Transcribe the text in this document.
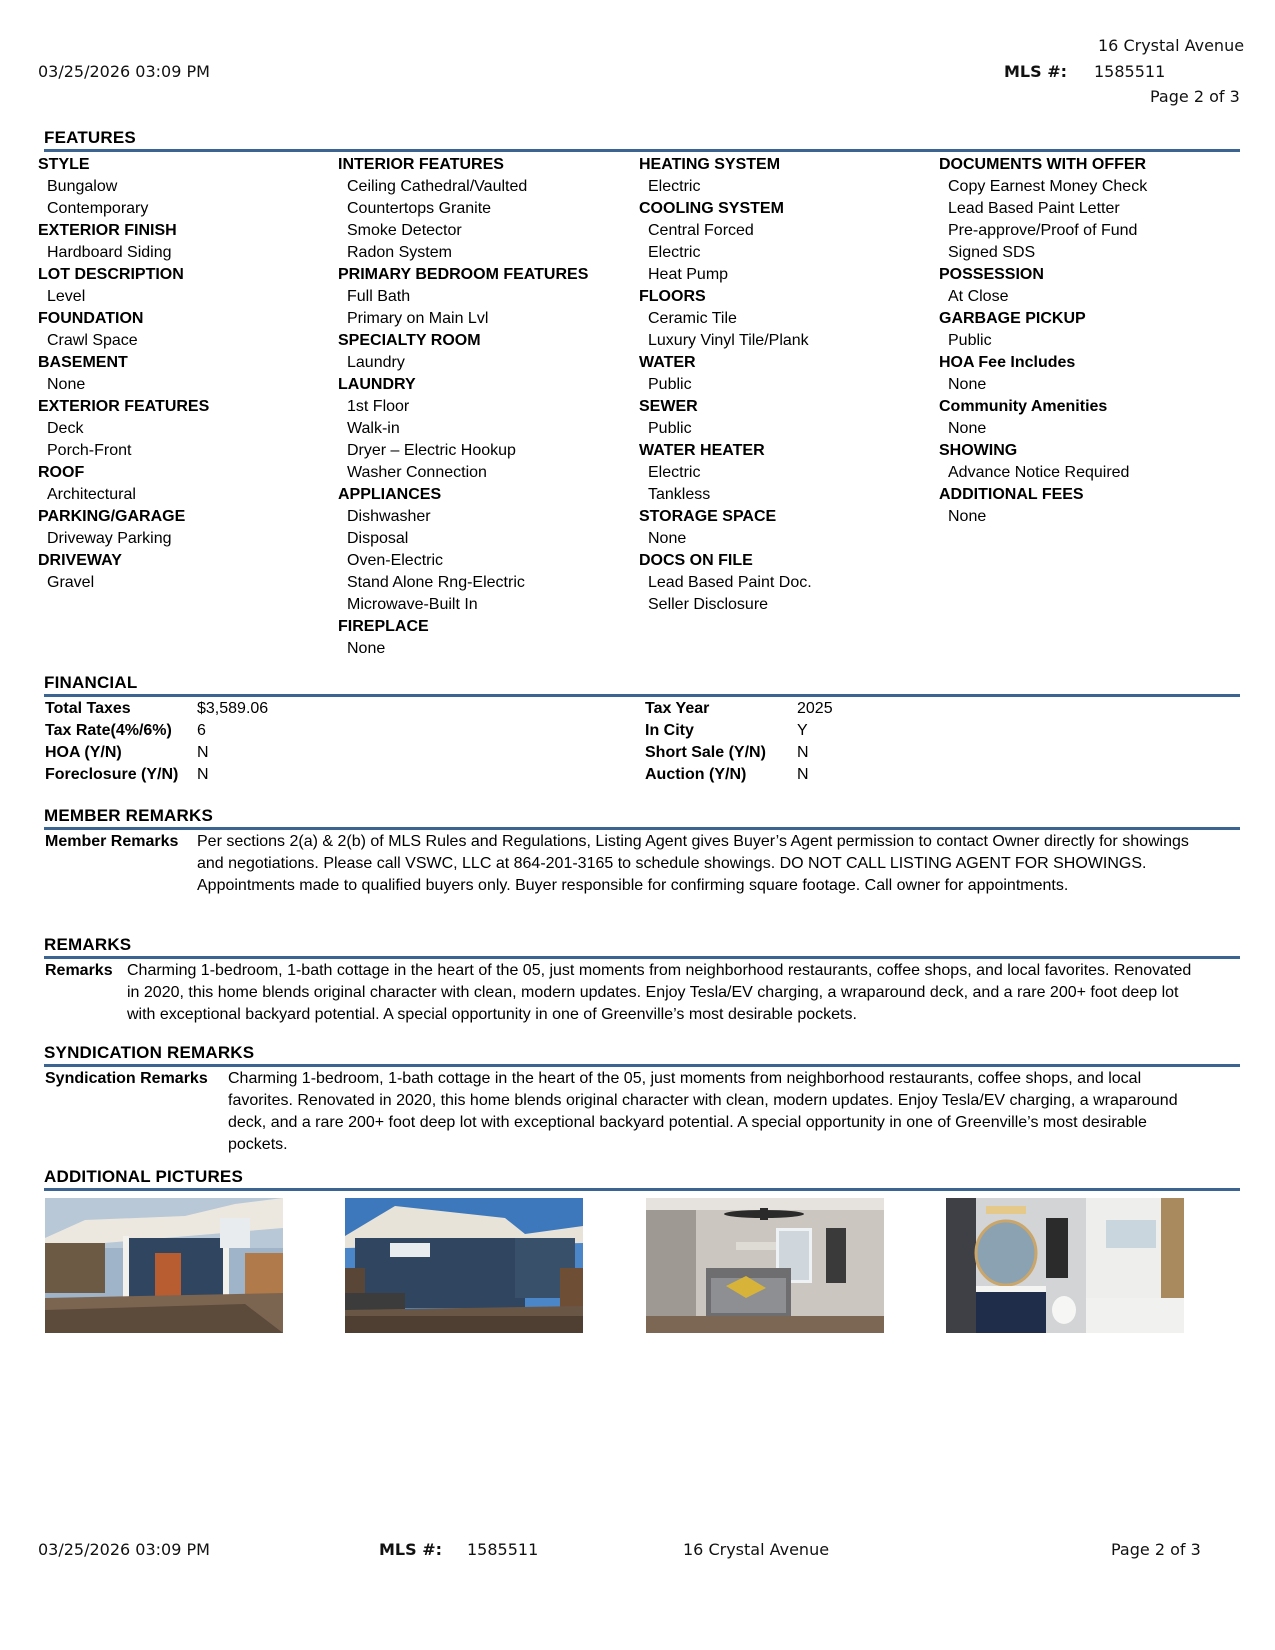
16 Crystal Avenue
03/25/2026 03:09 PM	MLS #: 1585511
Page 2 of 3
FEATURES
STYLE
Bungalow
Contemporary
EXTERIOR FINISH
Hardboard Siding
LOT DESCRIPTION
Level
FOUNDATION
Crawl Space
BASEMENT
None
EXTERIOR FEATURES
Deck
Porch-Front
ROOF
Architectural
PARKING/GARAGE
Driveway Parking
DRIVEWAY
Gravel
INTERIOR FEATURES
Ceiling Cathedral/Vaulted
Countertops Granite
Smoke Detector
Radon System
PRIMARY BEDROOM FEATURES
Full Bath
Primary on Main Lvl
SPECIALTY ROOM
Laundry
LAUNDRY
1st Floor
Walk-in
Dryer – Electric Hookup
Washer Connection
APPLIANCES
Dishwasher
Disposal
Oven-Electric
Stand Alone Rng-Electric
Microwave-Built In
FIREPLACE
None
HEATING SYSTEM
Electric
COOLING SYSTEM
Central Forced
Electric
Heat Pump
FLOORS
Ceramic Tile
Luxury Vinyl Tile/Plank
WATER
Public
SEWER
Public
WATER HEATER
Electric
Tankless
STORAGE SPACE
None
DOCS ON FILE
Lead Based Paint Doc.
Seller Disclosure
DOCUMENTS WITH OFFER
Copy Earnest Money Check
Lead Based Paint Letter
Pre-approve/Proof of Fund
Signed SDS
POSSESSION
At Close
GARBAGE PICKUP
Public
HOA Fee Includes
None
Community Amenities
None
SHOWING
Advance Notice Required
ADDITIONAL FEES
None
FINANCIAL
Total Taxes	$3,589.06
Tax Rate(4%/6%)	6
HOA (Y/N)	N
Foreclosure (Y/N)	N
Tax Year	2025
In City	Y
Short Sale (Y/N)	N
Auction (Y/N)	N
MEMBER REMARKS
Member Remarks	Per sections 2(a) & 2(b) of MLS Rules and Regulations, Listing Agent gives Buyer’s Agent permission to contact Owner directly for showings and negotiations. Please call VSWC, LLC at 864-201-3165 to schedule showings. DO NOT CALL LISTING AGENT FOR SHOWINGS. Appointments made to qualified buyers only. Buyer responsible for confirming square footage. Call owner for appointments.
REMARKS
Remarks Charming 1-bedroom, 1-bath cottage in the heart of the 05, just moments from neighborhood restaurants, coffee shops, and local favorites. Renovated in 2020, this home blends original character with clean, modern updates. Enjoy Tesla/EV charging, a wraparound deck, and a rare 200+ foot deep lot with exceptional backyard potential. A special opportunity in one of Greenville’s most desirable pockets.
SYNDICATION REMARKS
Syndication Remarks	Charming 1-bedroom, 1-bath cottage in the heart of the 05, just moments from neighborhood restaurants, coffee shops, and local favorites. Renovated in 2020, this home blends original character with clean, modern updates. Enjoy Tesla/EV charging, a wraparound deck, and a rare 200+ foot deep lot with exceptional backyard potential. A special opportunity in one of Greenville’s most desirable pockets.
ADDITIONAL PICTURES
03/25/2026 03:09 PM	MLS #: 1585511	16 Crystal Avenue	Page 2 of 3
